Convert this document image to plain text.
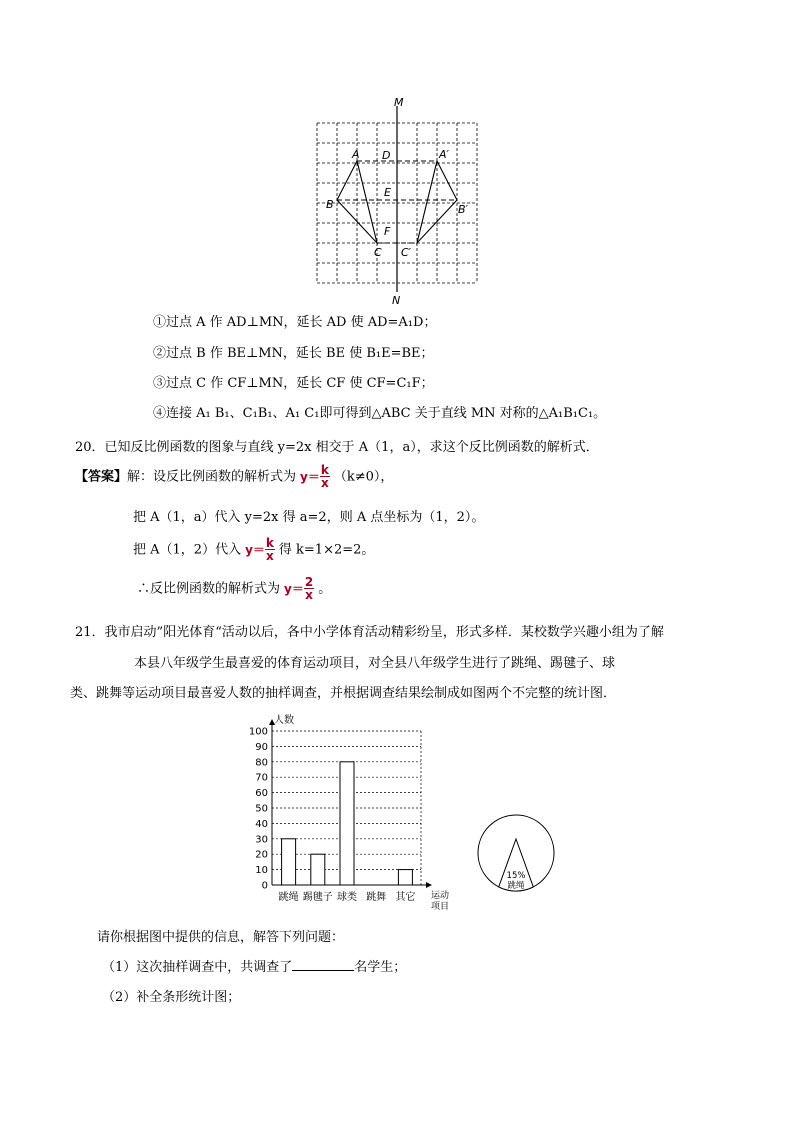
M
N
A D	A′
B
E
B′
F
C C′
①过点 A 作 AD⊥MN，延长 AD 使 AD=A₁D；
②过点 B 作 BE⊥MN，延长 BE 使 B₁E=BE；
③过点 C 作 CF⊥MN，延长 CF 使 CF=C₁F；
④连接 A₁ B₁、C₁B₁、A₁ C₁即可得到△ABC 关于直线 MN 对称的△A₁B₁C₁。
20．已知反比例函数的图象与直线 y=2x 相交于 A（1，a），求这个反比例函数的解析式．
【答案】解：设反比例函数的解析式为 $y= \frac{k}{x} (k\ne 0)$，
把 A（1，a）代入 y=2x 得 a=2，则 A 点坐标为（1，2）。
把 A（1，2）代入 $y= \frac{k}{x}$ 得 k=1×2=2。
∴反比例函数的解析式为 $y= \frac{2}{x}$ 。
21．我市启动”阳光体育“活动以后，各中小学体育活动精彩纷呈，形式多样．某校数学兴趣小组为了解
本县八年级学生最喜爱的体育运动项目，对全县八年级学生进行了跳绳、踢毽子、球
类、跳舞等运动项目最喜爱人数的抽样调查，并根据调查结果绘制成如图两个不完整的统计图．
0
10
20
30
40
50
60
70
80
90
100
跳绳 踢毽子 球类 跳舞 其它
人数
运动
项目
15%
跳绳
请你根据图中提供的信息，解答下列问题：
（1）这次抽样调查中，共调查了	名学生；
（2）补全条形统计图；
